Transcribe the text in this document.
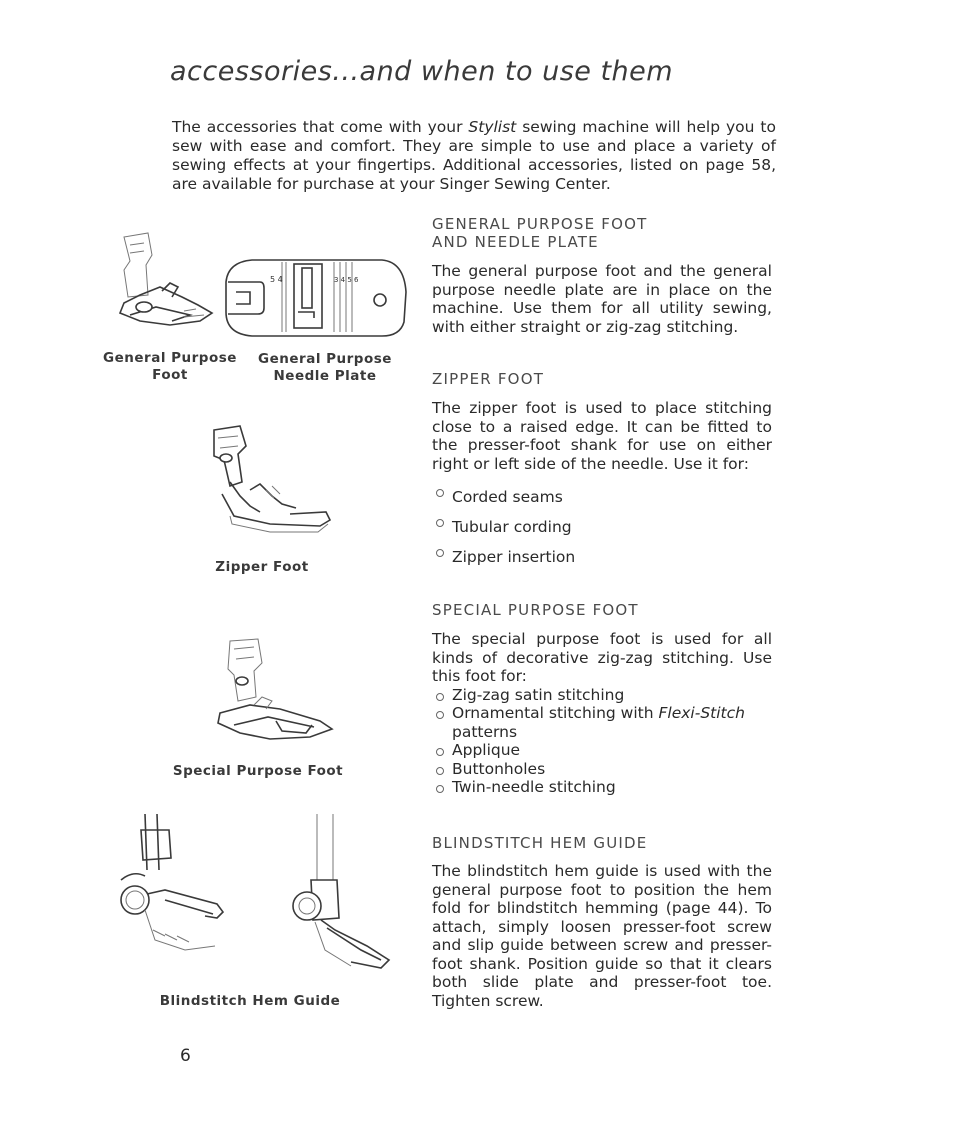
accessories...and when to use them

The accessories that come with your Stylist sewing machine will help you to sew with ease and comfort. They are simple to use and place a variety of sewing effects at your fingertips. Additional accessories, listed on page 58, are available for purchase at your Singer Sewing Center.

5 4	3 4 5 6
General Purpose
Foot
General Purpose
Needle Plate
Zipper Foot
Special Purpose Foot
Blindstitch Hem Guide
GENERAL PURPOSE FOOT
AND NEEDLE PLATE

The general purpose foot and the general purpose needle plate are in place on the machine. Use them for all utility sewing, with either straight or zig-zag stitching.

ZIPPER FOOT

The zipper foot is used to place stitching close to a raised edge. It can be fitted to the presser-foot shank for use on either right or left side of the needle. Use it for:

Corded seams
Tubular cording
Zipper insertion
SPECIAL PURPOSE FOOT

The special purpose foot is used for all kinds of decorative zig-zag stitching. Use this foot for:

Zig-zag satin stitching
Ornamental stitching with Flexi-Stitch patterns
Applique
Buttonholes
Twin-needle stitching
BLINDSTITCH HEM GUIDE

The blindstitch hem guide is used with the general purpose foot to position the hem fold for blindstitch hemming (page 44). To attach, simply loosen presser-foot screw and slip guide between screw and presser-foot shank. Position guide so that it clears both slide plate and presser-foot toe. Tighten screw.

6
